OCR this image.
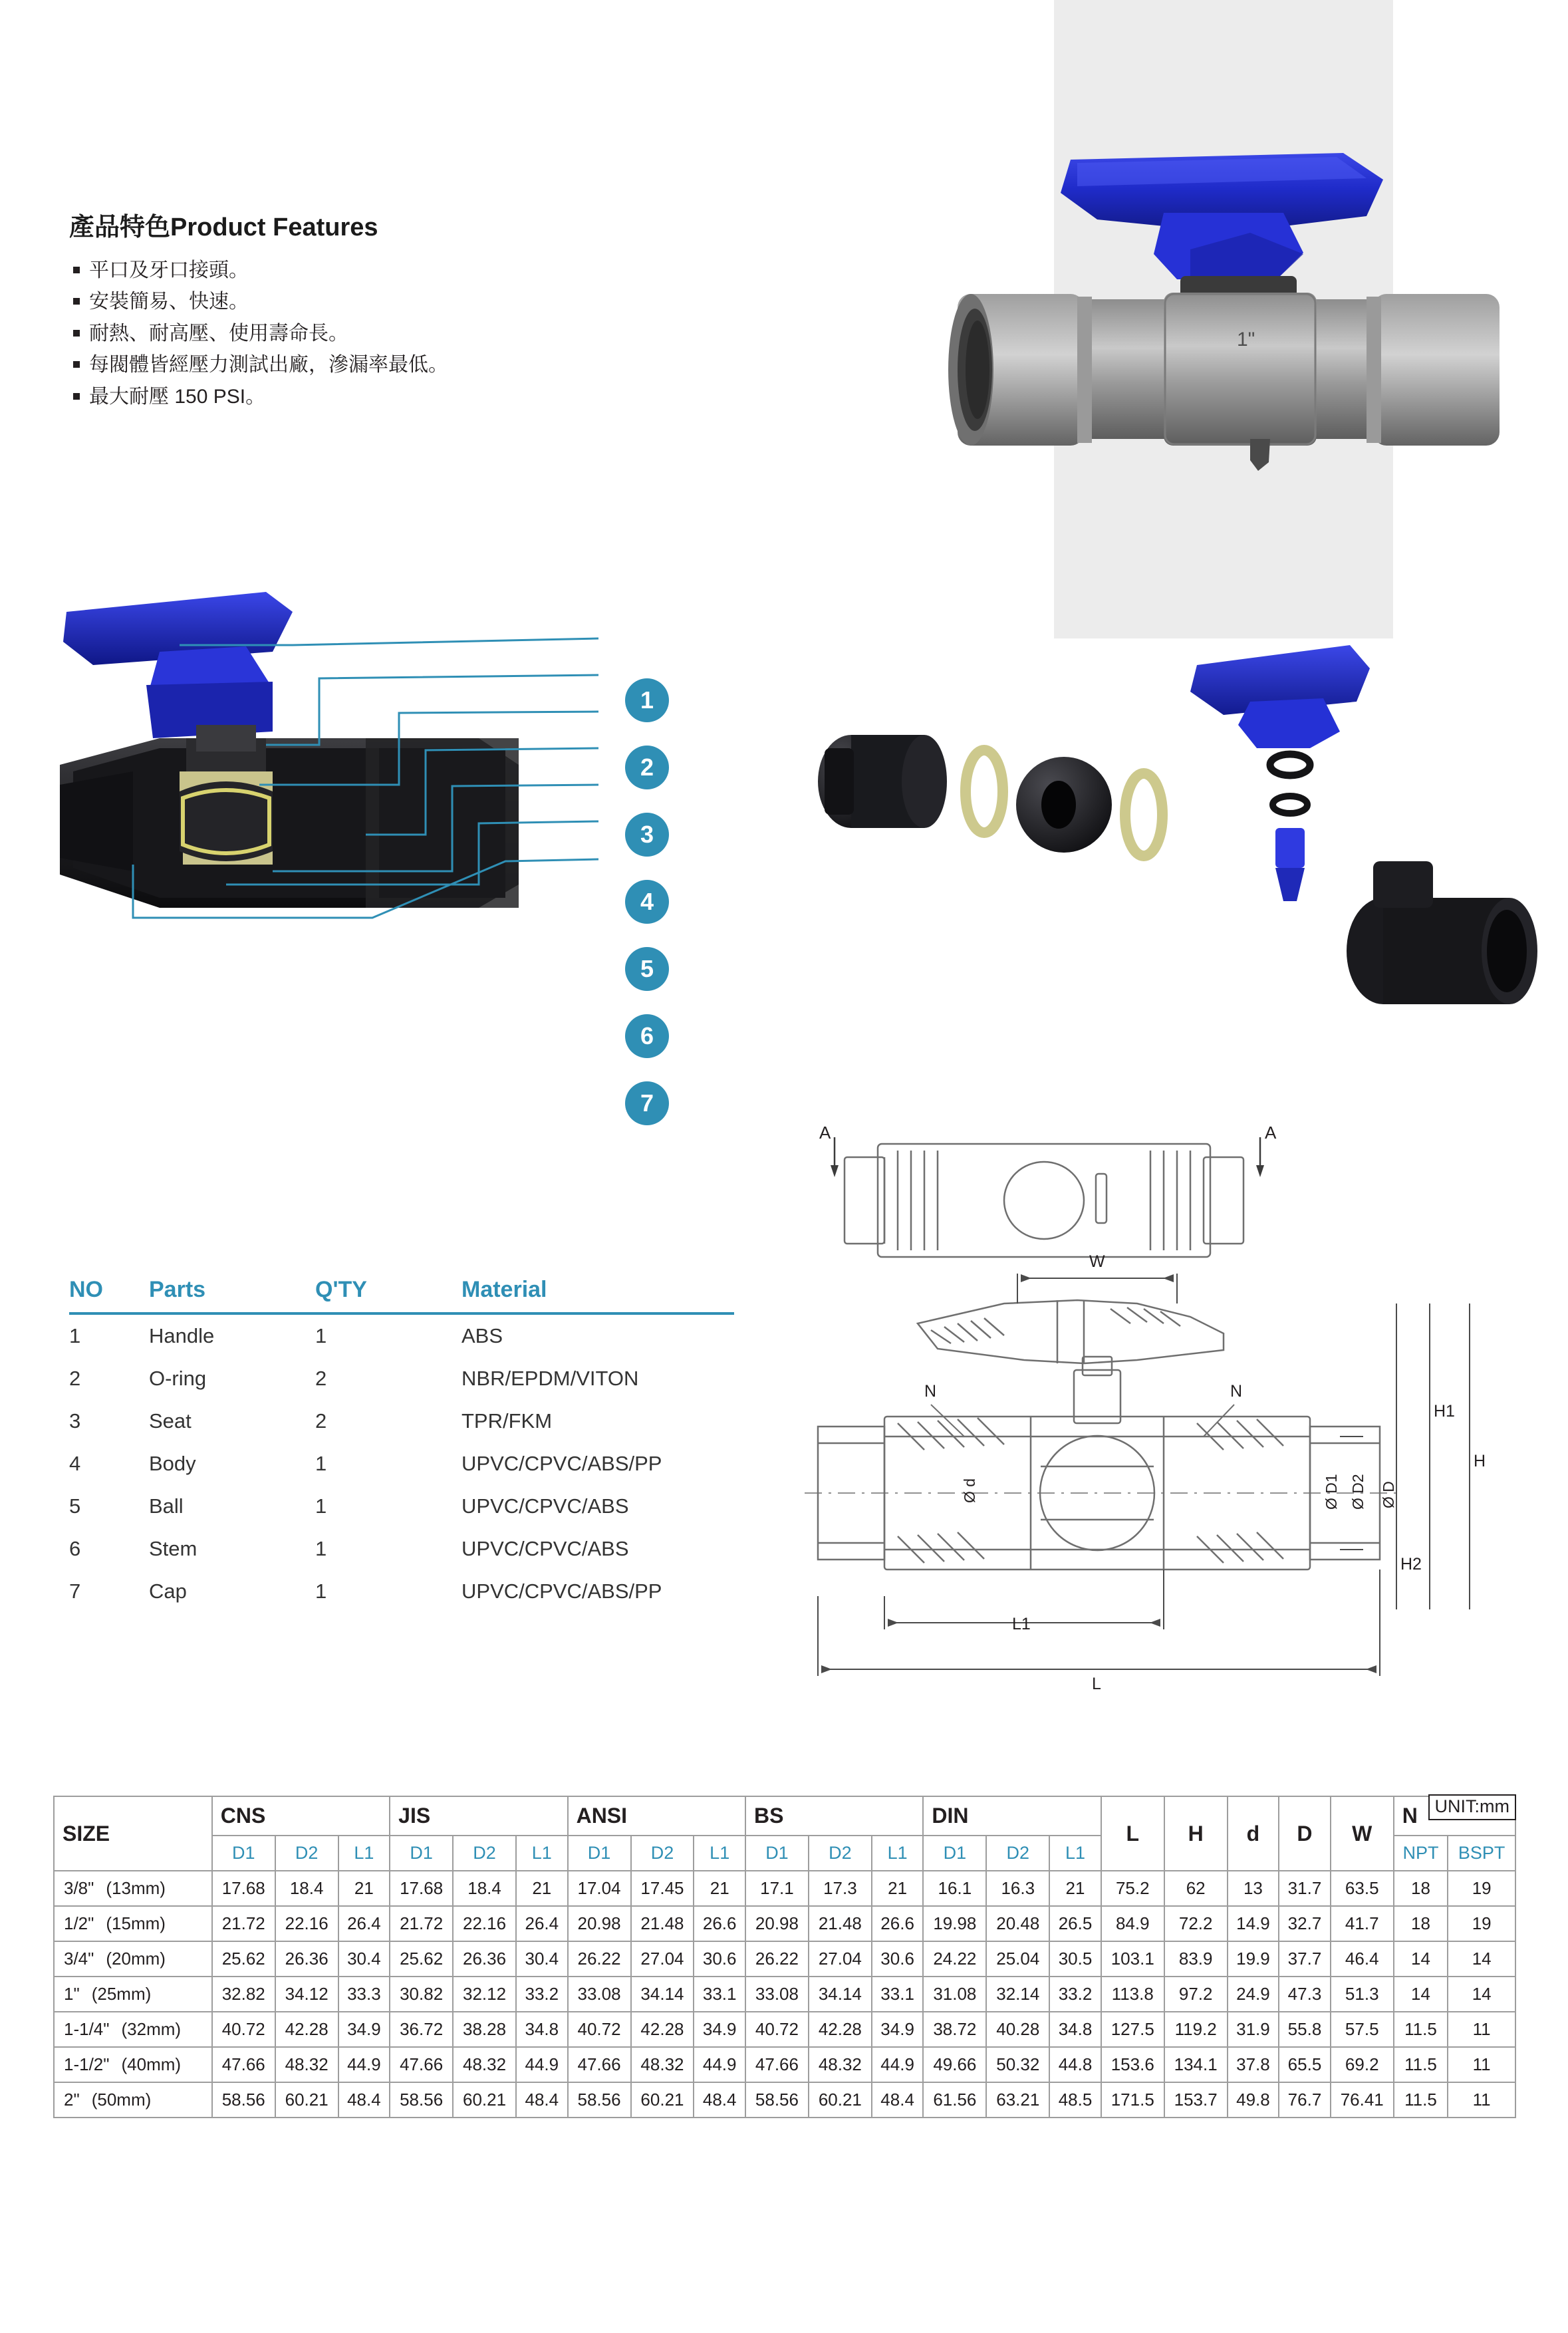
產品特色Product Features
平口及牙口接頭。
安裝簡易、快速。
耐熱、耐高壓、使用壽命長。
每閥體皆經壓力測試出廠，滲漏率最低。
最大耐壓 150 PSI。
1"
1
2
3
4
5
6
7
NO	Parts	Q'TY	Material
1	Handle	1	ABS
2	O-ring	2	NBR/EPDM/VITON
3	Seat	2	TPR/FKM
4	Body	1	UPVC/CPVC/ABS/PP
5	Ball	1	UPVC/CPVC/ABS
6	Stem	1	UPVC/CPVC/ABS
7	Cap	1	UPVC/CPVC/ABS/PP
A	A
W
H
H1
H2
N	N
L1
L
Ø d	Ø D1 Ø D2 Ø D
UNIT:mm
SIZE	CNS			JIS			ANSI			BS			DIN			L	H	d	D	W	N	
	D1	D2	L1	D1	D2	L1	D1	D2	L1	D1	D2	L1	D1	D2	L1						NPT	BSPT
3/8" (13mm)	17.68	18.4	21	17.68	18.4	21	17.04	17.45	21	17.1	17.3	21	16.1	16.3	21	75.2	62	13	31.7	63.5	18	19
1/2" (15mm)	21.72	22.16	26.4	21.72	22.16	26.4	20.98	21.48	26.6	20.98	21.48	26.6	19.98	20.48	26.5	84.9	72.2	14.9	32.7	41.7	18	19
3/4" (20mm)	25.62	26.36	30.4	25.62	26.36	30.4	26.22	27.04	30.6	26.22	27.04	30.6	24.22	25.04	30.5	103.1	83.9	19.9	37.7	46.4	14	14
1" (25mm)	32.82	34.12	33.3	30.82	32.12	33.2	33.08	34.14	33.1	33.08	34.14	33.1	31.08	32.14	33.2	113.8	97.2	24.9	47.3	51.3	14	14
1-1/4" (32mm)	40.72	42.28	34.9	36.72	38.28	34.8	40.72	42.28	34.9	40.72	42.28	34.9	38.72	40.28	34.8	127.5	119.2	31.9	55.8	57.5	11.5	11
1-1/2" (40mm)	47.66	48.32	44.9	47.66	48.32	44.9	47.66	48.32	44.9	47.66	48.32	44.9	49.66	50.32	44.8	153.6	134.1	37.8	65.5	69.2	11.5	11
2" (50mm)	58.56	60.21	48.4	58.56	60.21	48.4	58.56	60.21	48.4	58.56	60.21	48.4	61.56	63.21	48.5	171.5	153.7	49.8	76.7	76.41	11.5	11
